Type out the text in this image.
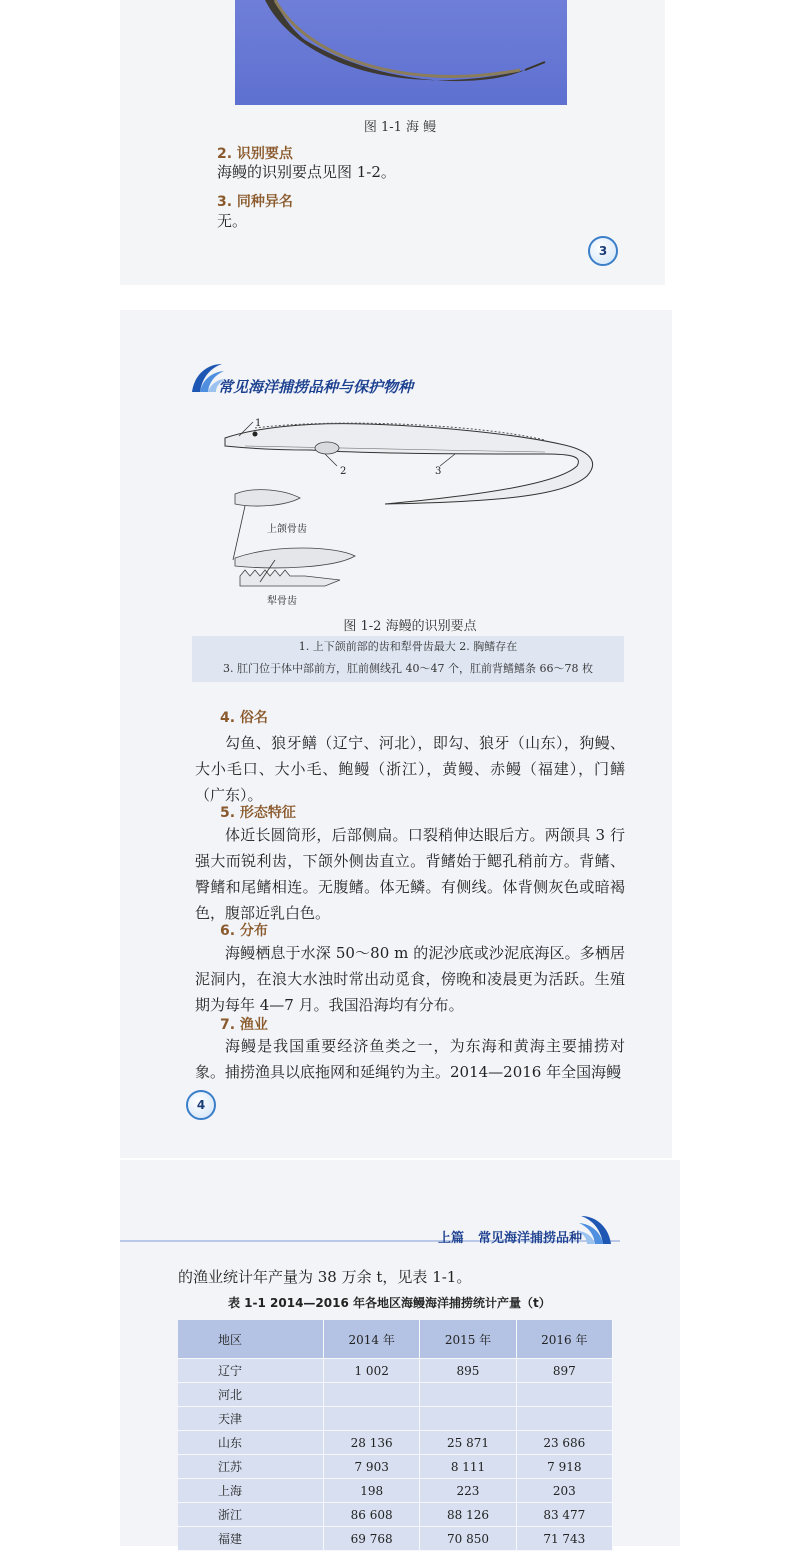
图 1-1 海 鳗
2. 识别要点
海鳗的识别要点见图 1-2。
3. 同种异名
无。
3
常见海洋捕捞品种与保护物种
1
2	3
上颌骨齿
犁骨齿
图 1-2 海鳗的识别要点
1. 上下颌前部的齿和犁骨齿最大 2. 胸鳍存在
3. 肛门位于体中部前方，肛前侧线孔 40～47 个，肛前背鳍鳍条 66～78 枚
4. 俗名

勾鱼、狼牙鳝（辽宁、河北），即勾、狼牙（山东），狗鳗、大小毛口、大小毛、鲍鳗（浙江），黄鳗、赤鳗（福建），门鳝（广东）。

5. 形态特征

体近长圆筒形，后部侧扁。口裂稍伸达眼后方。两颌具 3 行强大而锐利齿，下颌外侧齿直立。背鳍始于鳃孔稍前方。背鳍、臀鳍和尾鳍相连。无腹鳍。体无鳞。有侧线。体背侧灰色或暗褐色，腹部近乳白色。

6. 分布

海鳗栖息于水深 50～80 m 的泥沙底或沙泥底海区。多栖居泥洞内，在浪大水浊时常出动觅食，傍晚和凌晨更为活跃。生殖期为每年 4—7 月。我国沿海均有分布。

7. 渔业

海鳗是我国重要经济鱼类之一，为东海和黄海主要捕捞对象。捕捞渔具以底拖网和延绳钓为主。2014—2016 年全国海鳗

4
上篇 常见海洋捕捞品种
的渔业统计年产量为 38 万余 t，见表 1-1。
表 1-1 2014—2016 年各地区海鳗海洋捕捞统计产量（t）
地区	2014 年	2015 年	2016 年
辽宁	1 002	895	897
河北			
天津			
山东	28 136	25 871	23 686
江苏	7 903	8 111	7 918
上海	198	223	203
浙江	86 608	88 126	83 477
福建	69 768	70 850	71 743
